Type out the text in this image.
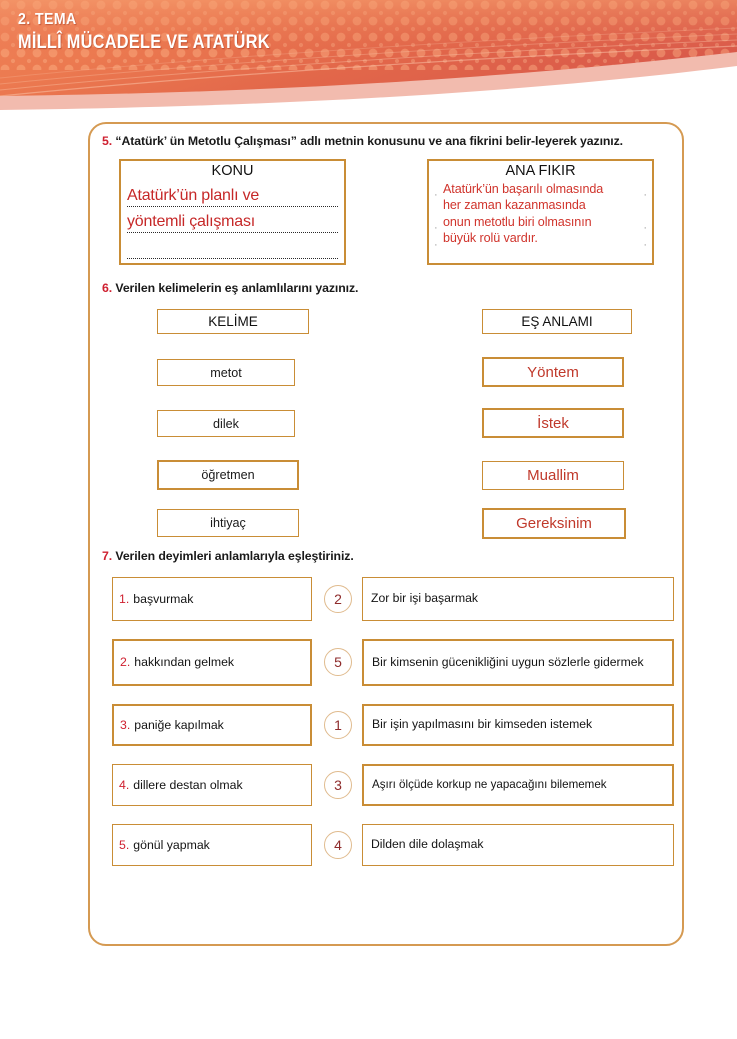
2. TEMA
MİLLÎ MÜCADELE VE ATATÜRK
5. “Atatürk’ ün Metotlu Çalışması” adlı metnin konusunu ve ana fikrini belir-leyerek yazınız.
KONU
Atatürk’ün planlı ve
yöntemli çalışması
ANA FIKIR
Atatürk’ün başarılı olmasında
her zaman kazanmasında
onun metotlu biri olmasının
büyük rolü vardır.
·
·
·
·
·
·
6. Verilen kelimelerin eş anlamlılarını yazınız.
KELİME	EŞ ANLAMI
metot	Yöntem
dilek	İstek
öğretmen	Muallim
ihtiyaç	Gereksinim
7. Verilen deyimleri anlamlarıyla eşleştiriniz.
1. başvurmak	2	Zor bir işi başarmak
2. hakkından gelmek	5	Bir kimsenin gücenikliğini uygun sözlerle gidermek
3. paniğe kapılmak	1	Bir işin yapılmasını bir kimseden istemek
4. dillere destan olmak	3	Aşırı ölçüde korkup ne yapacağını bilememek
5. gönül yapmak	4	Dilden dile dolaşmak
